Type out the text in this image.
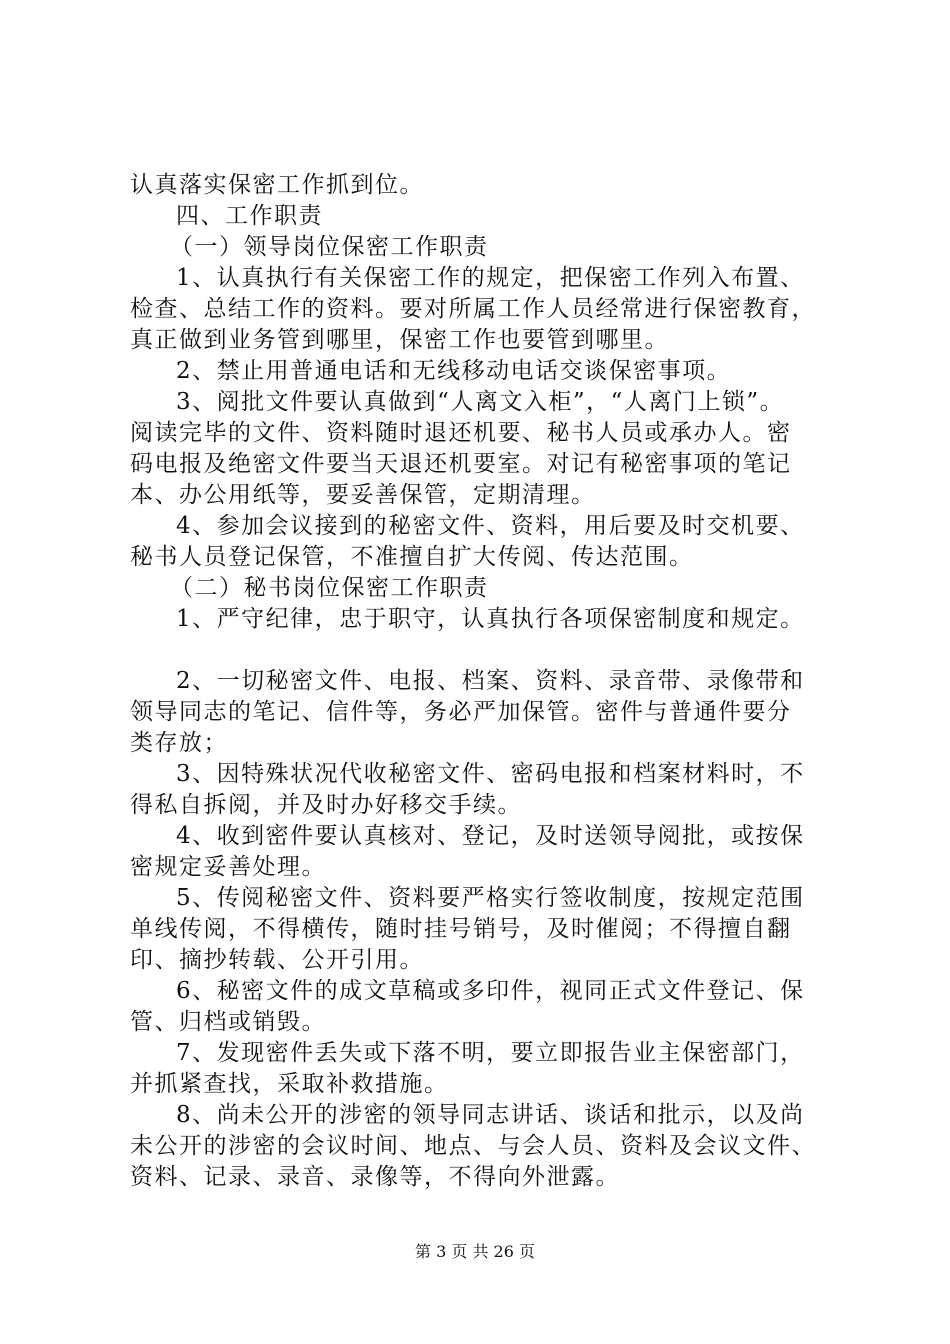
认真落实保密工作抓到位。
四、工作职责
（一）领导岗位保密工作职责
1、认真执行有关保密工作的规定，把保密工作列入布置、
检查、总结工作的资料。要对所属工作人员经常进行保密教育，
真正做到业务管到哪里，保密工作也要管到哪里。
2、禁止用普通电话和无线移动电话交谈保密事项。
3、阅批文件要认真做到“人离文入柜”，“人离门上锁”。
阅读完毕的文件、资料随时退还机要、秘书人员或承办人。密
码电报及绝密文件要当天退还机要室。对记有秘密事项的笔记
本、办公用纸等，要妥善保管，定期清理。
4、参加会议接到的秘密文件、资料，用后要及时交机要、
秘书人员登记保管，不准擅自扩大传阅、传达范围。
（二）秘书岗位保密工作职责
1、严守纪律，忠于职守，认真执行各项保密制度和规定。
2、一切秘密文件、电报、档案、资料、录音带、录像带和
领导同志的笔记、信件等，务必严加保管。密件与普通件要分
类存放；
3、因特殊状况代收秘密文件、密码电报和档案材料时，不
得私自拆阅，并及时办好移交手续。
4、收到密件要认真核对、登记，及时送领导阅批，或按保
密规定妥善处理。
5、传阅秘密文件、资料要严格实行签收制度，按规定范围
单线传阅，不得横传，随时挂号销号，及时催阅；不得擅自翻
印、摘抄转载、公开引用。
6、秘密文件的成文草稿或多印件，视同正式文件登记、保
管、归档或销毁。
7、发现密件丢失或下落不明，要立即报告业主保密部门，
并抓紧查找，采取补救措施。
8、尚未公开的涉密的领导同志讲话、谈话和批示，以及尚
未公开的涉密的会议时间、地点、与会人员、资料及会议文件、
资料、记录、录音、录像等，不得向外泄露。
第 3 页 共 26 页
